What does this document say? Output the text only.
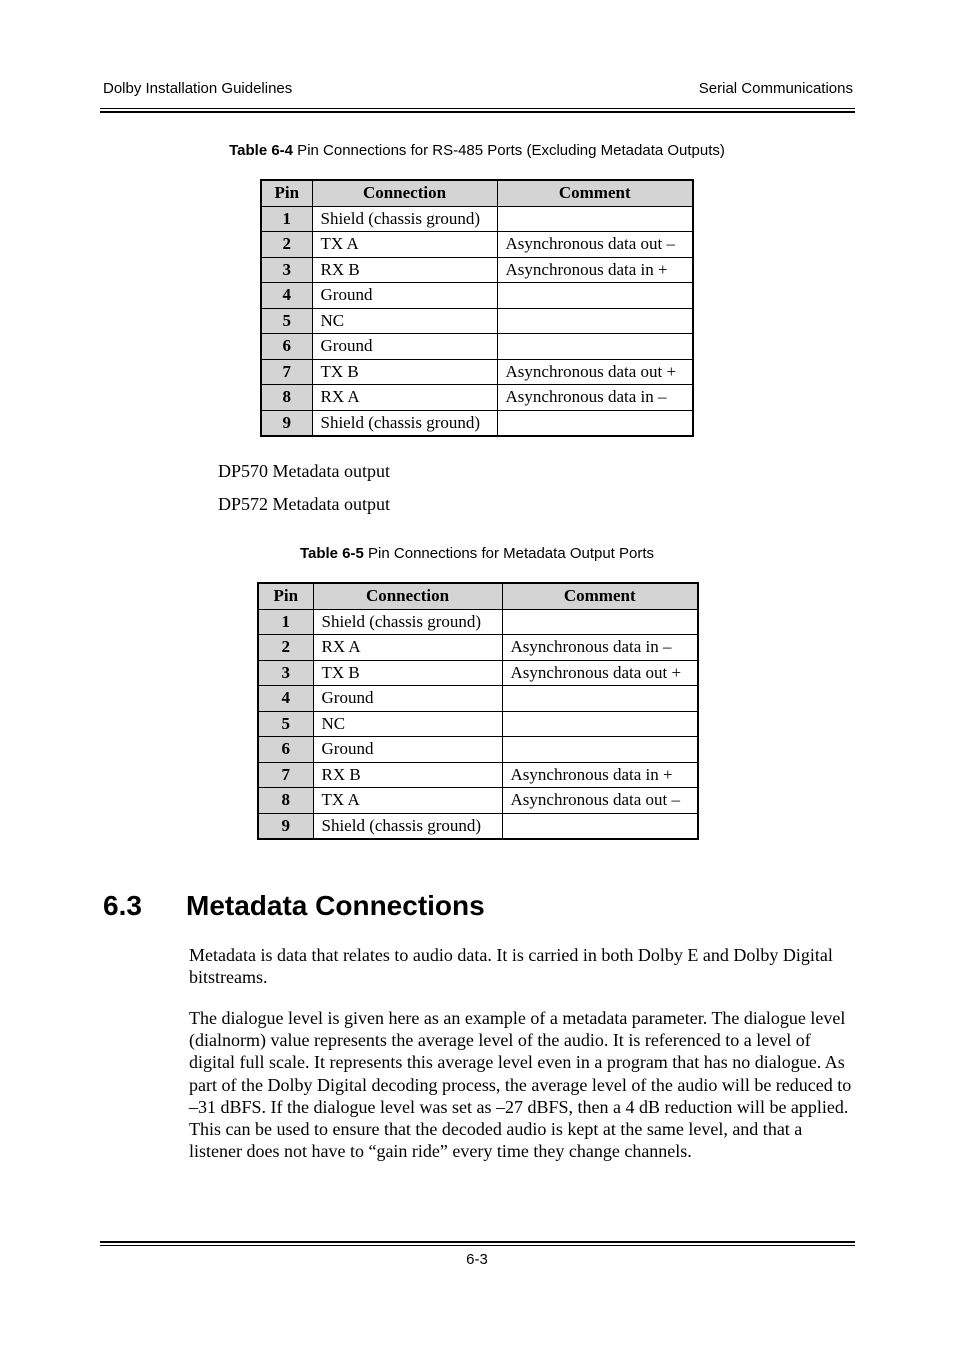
Dolby Installation Guidelines	Serial Communications
Table 6-4 Pin Connections for RS-485 Ports (Excluding Metadata Outputs)
Pin	Connection	Comment
1	Shield (chassis ground)	
2	TX A	Asynchronous data out –
3	RX B	Asynchronous data in +
4	Ground	
5	NC	
6	Ground	
7	TX B	Asynchronous data out +
8	RX A	Asynchronous data in –
9	Shield (chassis ground)	
DP570 Metadata output
DP572 Metadata output
Table 6-5 Pin Connections for Metadata Output Ports
Pin	Connection	Comment
1	Shield (chassis ground)	
2	RX A	Asynchronous data in –
3	TX B	Asynchronous data out +
4	Ground	
5	NC	
6	Ground	
7	RX B	Asynchronous data in +
8	TX A	Asynchronous data out –
9	Shield (chassis ground)	
6.3 Metadata Connections

Metadata is data that relates to audio data. It is carried in both Dolby E and Dolby Digital bitstreams.

The dialogue level is given here as an example of a metadata parameter. The dialogue level (dialnorm) value represents the average level of the audio. It is referenced to a level of digital full scale. It represents this average level even in a program that has no dialogue. As part of the Dolby Digital decoding process, the average level of the audio will be reduced to –31 dBFS. If the dialogue level was set as –27 dBFS, then a 4 dB reduction will be applied. This can be used to ensure that the decoded audio is kept at the same level, and that a listener does not have to “gain ride” every time they change channels.

6-3
